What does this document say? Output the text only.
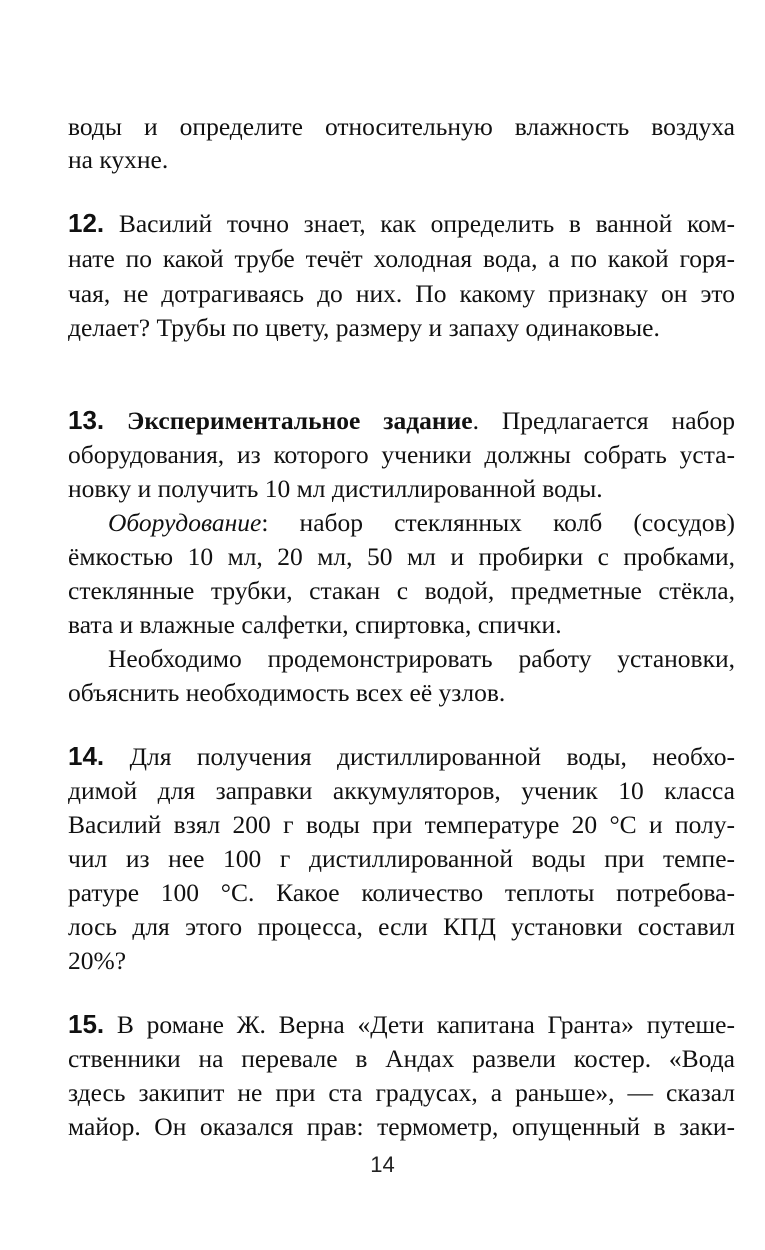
воды и определите относительную влажность воздуха
на кухне.
12. Василий точно знает, как определить в ванной ком-
нате по какой трубе течёт холодная вода, а по какой горя-
чая, не дотрагиваясь до них. По какому признаку он это
делает? Трубы по цвету, размеру и запаху одинаковые.
13. Экспериментальное задание. Предлагается набор
оборудования, из которого ученики должны собрать уста-
новку и получить 10 мл дистиллированной воды.
Оборудование: набор стеклянных колб (сосудов)
ёмкостью 10 мл, 20 мл, 50 мл и пробирки с пробками,
стеклянные трубки, стакан с водой, предметные стёкла,
вата и влажные салфетки, спиртовка, спички.
Необходимо продемонстрировать работу установки,
объяснить необходимость всех её узлов.
14. Для получения дистиллированной воды, необхо-
димой для заправки аккумуляторов, ученик 10 класса
Василий взял 200 г воды при температуре 20 °С и полу-
чил из нее 100 г дистиллированной воды при темпе-
ратуре 100 °С. Какое количество теплоты потребова-
лось для этого процесса, если КПД установки составил
20%?
15. В романе Ж. Верна «Дети капитана Гранта» путеше-
ственники на перевале в Андах развели костер. «Вода
здесь закипит не при ста градусах, а раньше», — сказал
майор. Он оказался прав: термометр, опущенный в заки-
14
